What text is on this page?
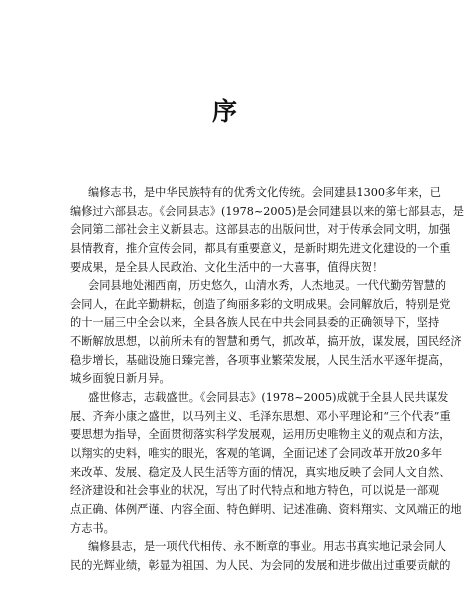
序
编修志书，是中华民族特有的优秀文化传统。会同建县1300多年来，已
编修过六部县志。《会同县志》(1978~2005)是会同建县以来的第七部县志，是
会同第二部社会主义新县志。这部县志的出版问世，对于传承会同文明，加强
县情教育，推介宣传会同，都具有重要意义，是新时期先进文化建设的一个重
要成果，是全县人民政治、文化生活中的一大喜事，值得庆贺！
会同县地处湘西南，历史悠久，山清水秀，人杰地灵。一代代勤劳智慧的
会同人，在此辛勤耕耘，创造了绚丽多彩的文明成果。会同解放后，特别是党
的十一届三中全会以来，全县各族人民在中共会同县委的正确领导下，坚持
不断解放思想，以前所未有的智慧和勇气，抓改革，搞开放，谋发展，国民经济
稳步增长，基础设施日臻完善，各项事业繁荣发展，人民生活水平逐年提高，
城乡面貌日新月异。
盛世修志，志载盛世。《会同县志》(1978~2005)成就于全县人民共谋发
展、齐奔小康之盛世，以马列主义、毛泽东思想、邓小平理论和“三个代表”重
要思想为指导，全面贯彻落实科学发展观，运用历史唯物主义的观点和方法，
以翔实的史料，唯实的眼光，客观的笔调，全面记述了会同改革开放20多年
来改革、发展、稳定及人民生活等方面的情况，真实地反映了会同人文自然、
经济建设和社会事业的状况，写出了时代特点和地方特色，可以说是一部观
点正确、体例严谨、内容全面、特色鲜明、记述准确、资料翔实、文风端正的地
方志书。
编修县志，是一项代代相传、永不断章的事业。用志书真实地记录会同人
民的光辉业绩，彰显为祖国、为人民、为会同的发展和进步做出过重要贡献的
